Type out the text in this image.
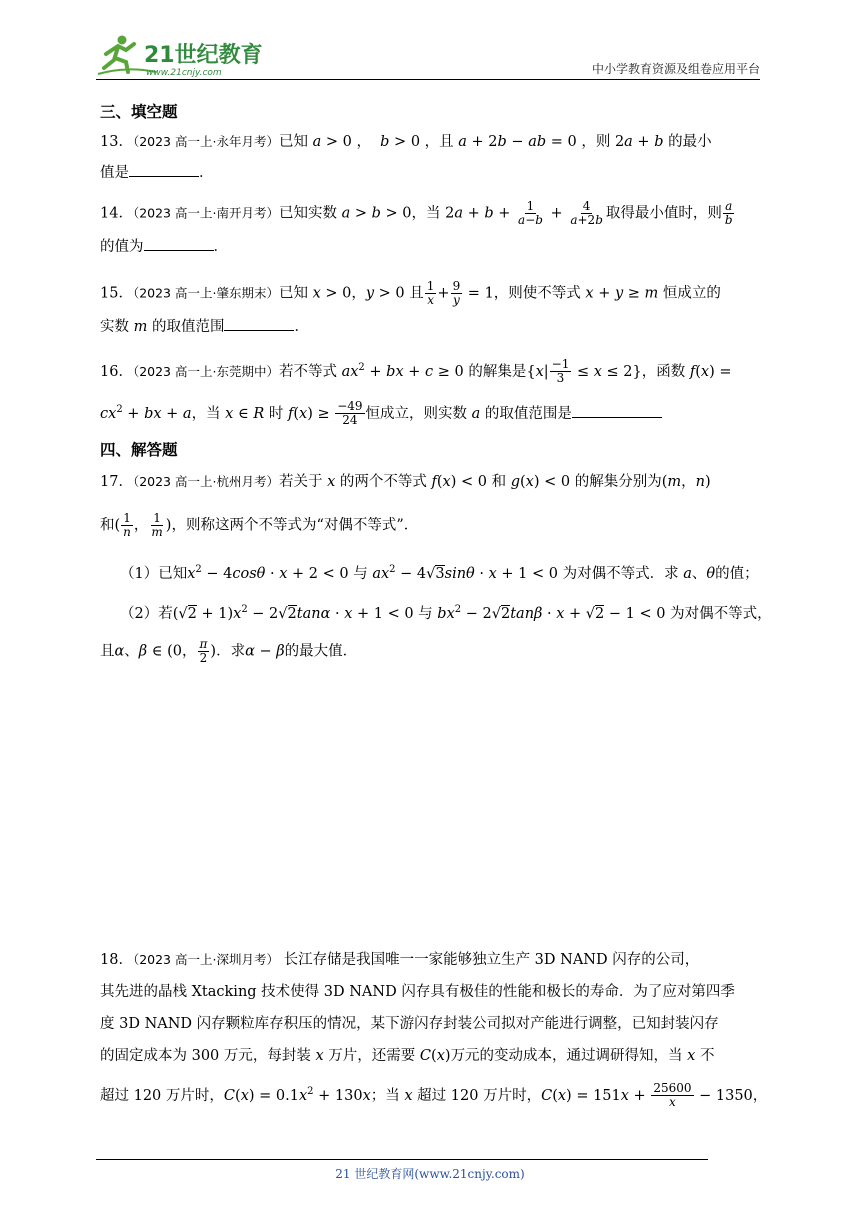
21世纪教育
www.21cnjy.com	中小学教育资源及组卷应用平台
三、填空题
13．（2023 高一上·永年月考）已知 a > 0 ， b > 0 ，且 a + 2b − ab = 0 ，则 2a + b 的最小
值是	．
14．（2023 高一上·南开月考）已知实数 a > b > 0，当 $2a + b + \frac{1}{a-b} + \frac{4}{a+2b}$ 取得最小值时，则 $\frac{a}{b}$
的值为	．
15．（2023 高一上·肇东期末）已知 x > 0，y > 0 且 $\frac{1}{x} + \frac{9}{y} = 1$，则使不等式 x + y ≥ m 恒成立的
实数 m 的取值范围	．
16．（2023 高一上·东莞期中）若不等式 $ax^2$ + bx + c ≥ 0 的解集是$\{x| \frac{-1}{3} \le x \le 2\}$，函数 f(x) =
$cx^2$ + bx + a，当 x ∈ R 时 $f(x) \ge \frac{-49}{24}$ 恒成立，则实数 a 的取值范围是
四、解答题
17．（2023 高一上·杭州月考）若关于 x 的两个不等式 f(x) < 0 和 g(x) < 0 的解集分别为(m，n)
和( $\frac{1}{n}$ ， $\frac{1}{m}$ )，则称这两个不等式为“对偶不等式”．
（1）已知$x^2 - 4\cos\theta \cdot x + 2 < 0$ 与 $ax^2 - 4√3\sin\theta \cdot x + 1 < 0$ 为对偶不等式．求 a、θ的值；
（2）若$(√2 + 1)x^2 - 2√2\tan\alpha \cdot x + 1 < 0$ 与 $bx^2 - 2√2\tan\beta \cdot x + √2 - 1 < 0$ 为对偶不等式，
且α、β ∈ (0， $\frac{\pi}{2}$ )．求α − β的最大值．
18．（2023 高一上·深圳月考） 长江存储是我国唯一一家能够独立生产 3D NAND 闪存的公司，
其先进的晶栈 Xtacking 技术使得 3D NAND 闪存具有极佳的性能和极长的寿命．为了应对第四季
度 3D NAND 闪存颗粒库存积压的情况，某下游闪存封装公司拟对产能进行调整，已知封装闪存
的固定成本为 300 万元，每封装 x 万片，还需要 C(x)万元的变动成本，通过调研得知，当 x 不
超过 120 万片时，$C(x) = 0.1x^2 + 130x$；当 x 超过 120 万片时，$C(x) = 151x + \frac{25600}{x} - 1350$，
21 世纪教育网(www.21cnjy.com)
